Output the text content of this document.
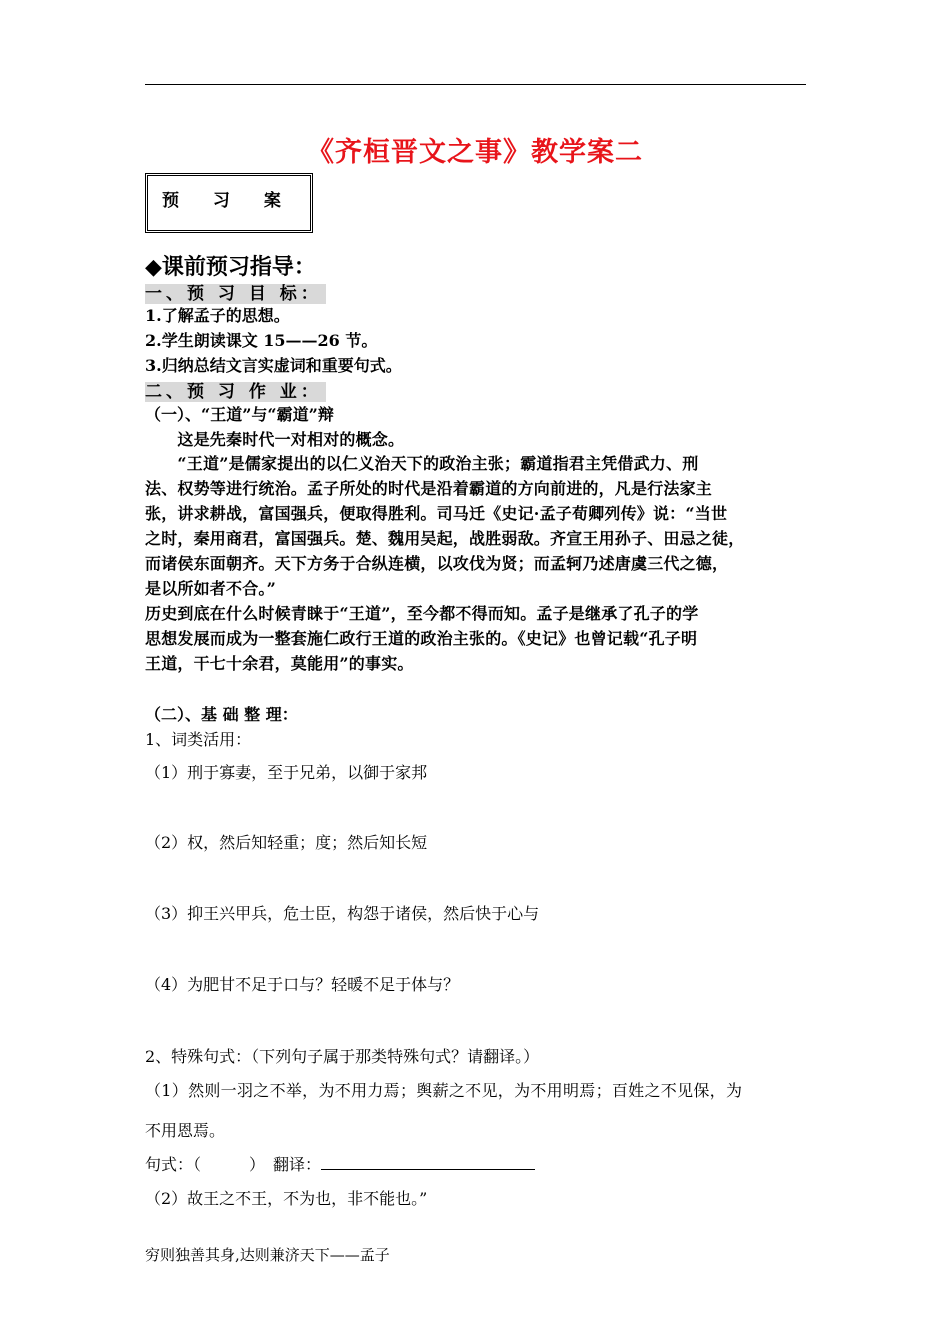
《齐桓晋文之事》教学案二
预 习 案
◆课前预习指导：
一、预 习 目 标：
1.了解孟子的思想。
2.学生朗读课文 15——26 节。
3.归纳总结文言实虚词和重要句式。
二、预 习 作 业：
（一）、“王道”与“霸道”辩
　　这是先秦时代一对相对的概念。
　　“王道”是儒家提出的以仁义治天下的政治主张；霸道指君主凭借武力、刑
法、权势等进行统治。孟子所处的时代是沿着霸道的方向前进的，凡是行法家主
张，讲求耕战，富国强兵，便取得胜利。司马迁《史记·孟子荀卿列传》说：“当世
之时，秦用商君，富国强兵。楚、魏用吴起，战胜弱敌。齐宣王用孙子、田忌之徒，
而诸侯东面朝齐。天下方务于合纵连横，以攻伐为贤；而孟轲乃述唐虞三代之德，
是以所如者不合。”
历史到底在什么时候青睐于“王道”，至今都不得而知。孟子是继承了孔子的学
思想发展而成为一整套施仁政行王道的政治主张的。《史记》也曾记载“孔子明
王道，干七十余君，莫能用”的事实。
（二）、基 础 整 理：
1、词类活用：
（1）刑于寡妻，至于兄弟，以御于家邦
（2）权，然后知轻重；度；然后知长短
（3）抑王兴甲兵，危士臣，构怨于诸侯，然后快于心与
（4）为肥甘不足于口与？轻暖不足于体与？
2、特殊句式：（下列句子属于那类特殊句式？请翻译。）
（1）然则一羽之不举，为不用力焉；舆薪之不见，为不用明焉；百姓之不见保，为
不用恩焉。
句式：（　　　）　翻译：
（2）故王之不王，不为也，非不能也。”
穷则独善其身,达则兼济天下——孟子
